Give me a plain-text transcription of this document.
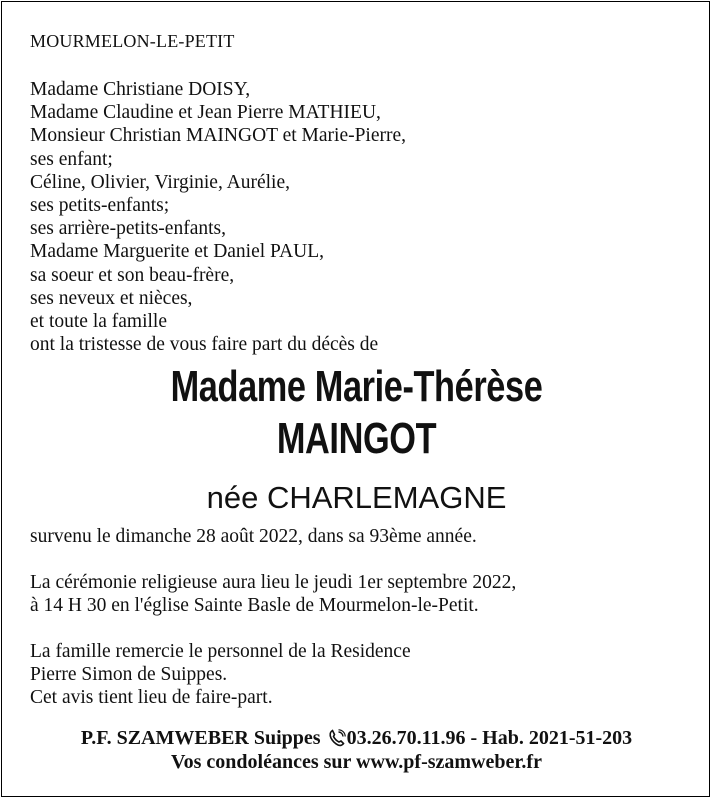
MOURMELON-LE-PETIT
Madame Christiane DOISY,
Madame Claudine et Jean Pierre MATHIEU,
Monsieur Christian MAINGOT et Marie-Pierre,
ses enfant;
Céline, Olivier, Virginie, Aurélie,
ses petits-enfants;
ses arrière-petits-enfants,
Madame Marguerite et Daniel PAUL,
sa soeur et son beau-frère,
ses neveux et nièces,
et toute la famille
ont la tristesse de vous faire part du décès de
Madame Marie-Thérèse
MAINGOT
née CHARLEMAGNE
survenu le dimanche 28 août 2022, dans sa 93ème année.
La cérémonie religieuse aura lieu le jeudi 1er septembre 2022,
à 14 H 30 en l'église Sainte Basle de Mourmelon-le-Petit.
La famille remercie le personnel de la Residence
Pierre Simon de Suippes.
Cet avis tient lieu de faire-part.
P.F. SZAMWEBER Suippes 03.26.70.11.96 - Hab. 2021-51-203
Vos condoléances sur www.pf-szamweber.fr
